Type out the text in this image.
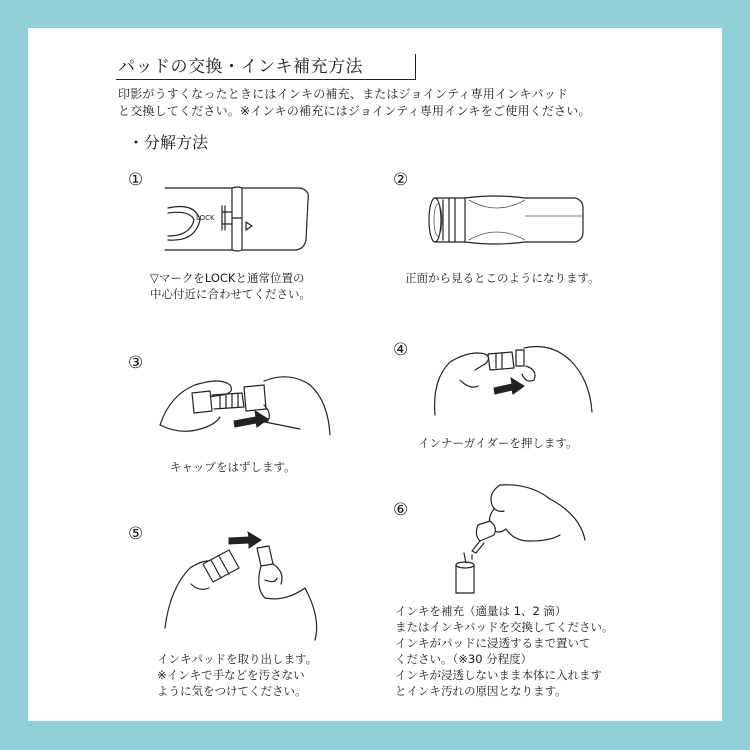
パッドの交換・インキ補充方法
印影がうすくなったときにはインキの補充、またはジョインティ専用インキパッド
と交換してください。※インキの補充にはジョインティ専用インキをご使用ください。
・分解方法
①
LOCK
▽マークをLOCKと通常位置の
中心付近に合わせてください。
②
正面から見るとこのようになります。
③
キャップをはずします。
④
インナーガイダーを押します。
⑤
インキパッドを取り出します。
※インキで手などを汚さない
ように気をつけてください。
⑥
インキを補充（適量は 1、2 滴）
またはインキパッドを交換してください。
インキがパッドに浸透するまで置いて
ください。（※30 分程度）
インキが浸透しないまま本体に入れます
とインキ汚れの原因となります。
